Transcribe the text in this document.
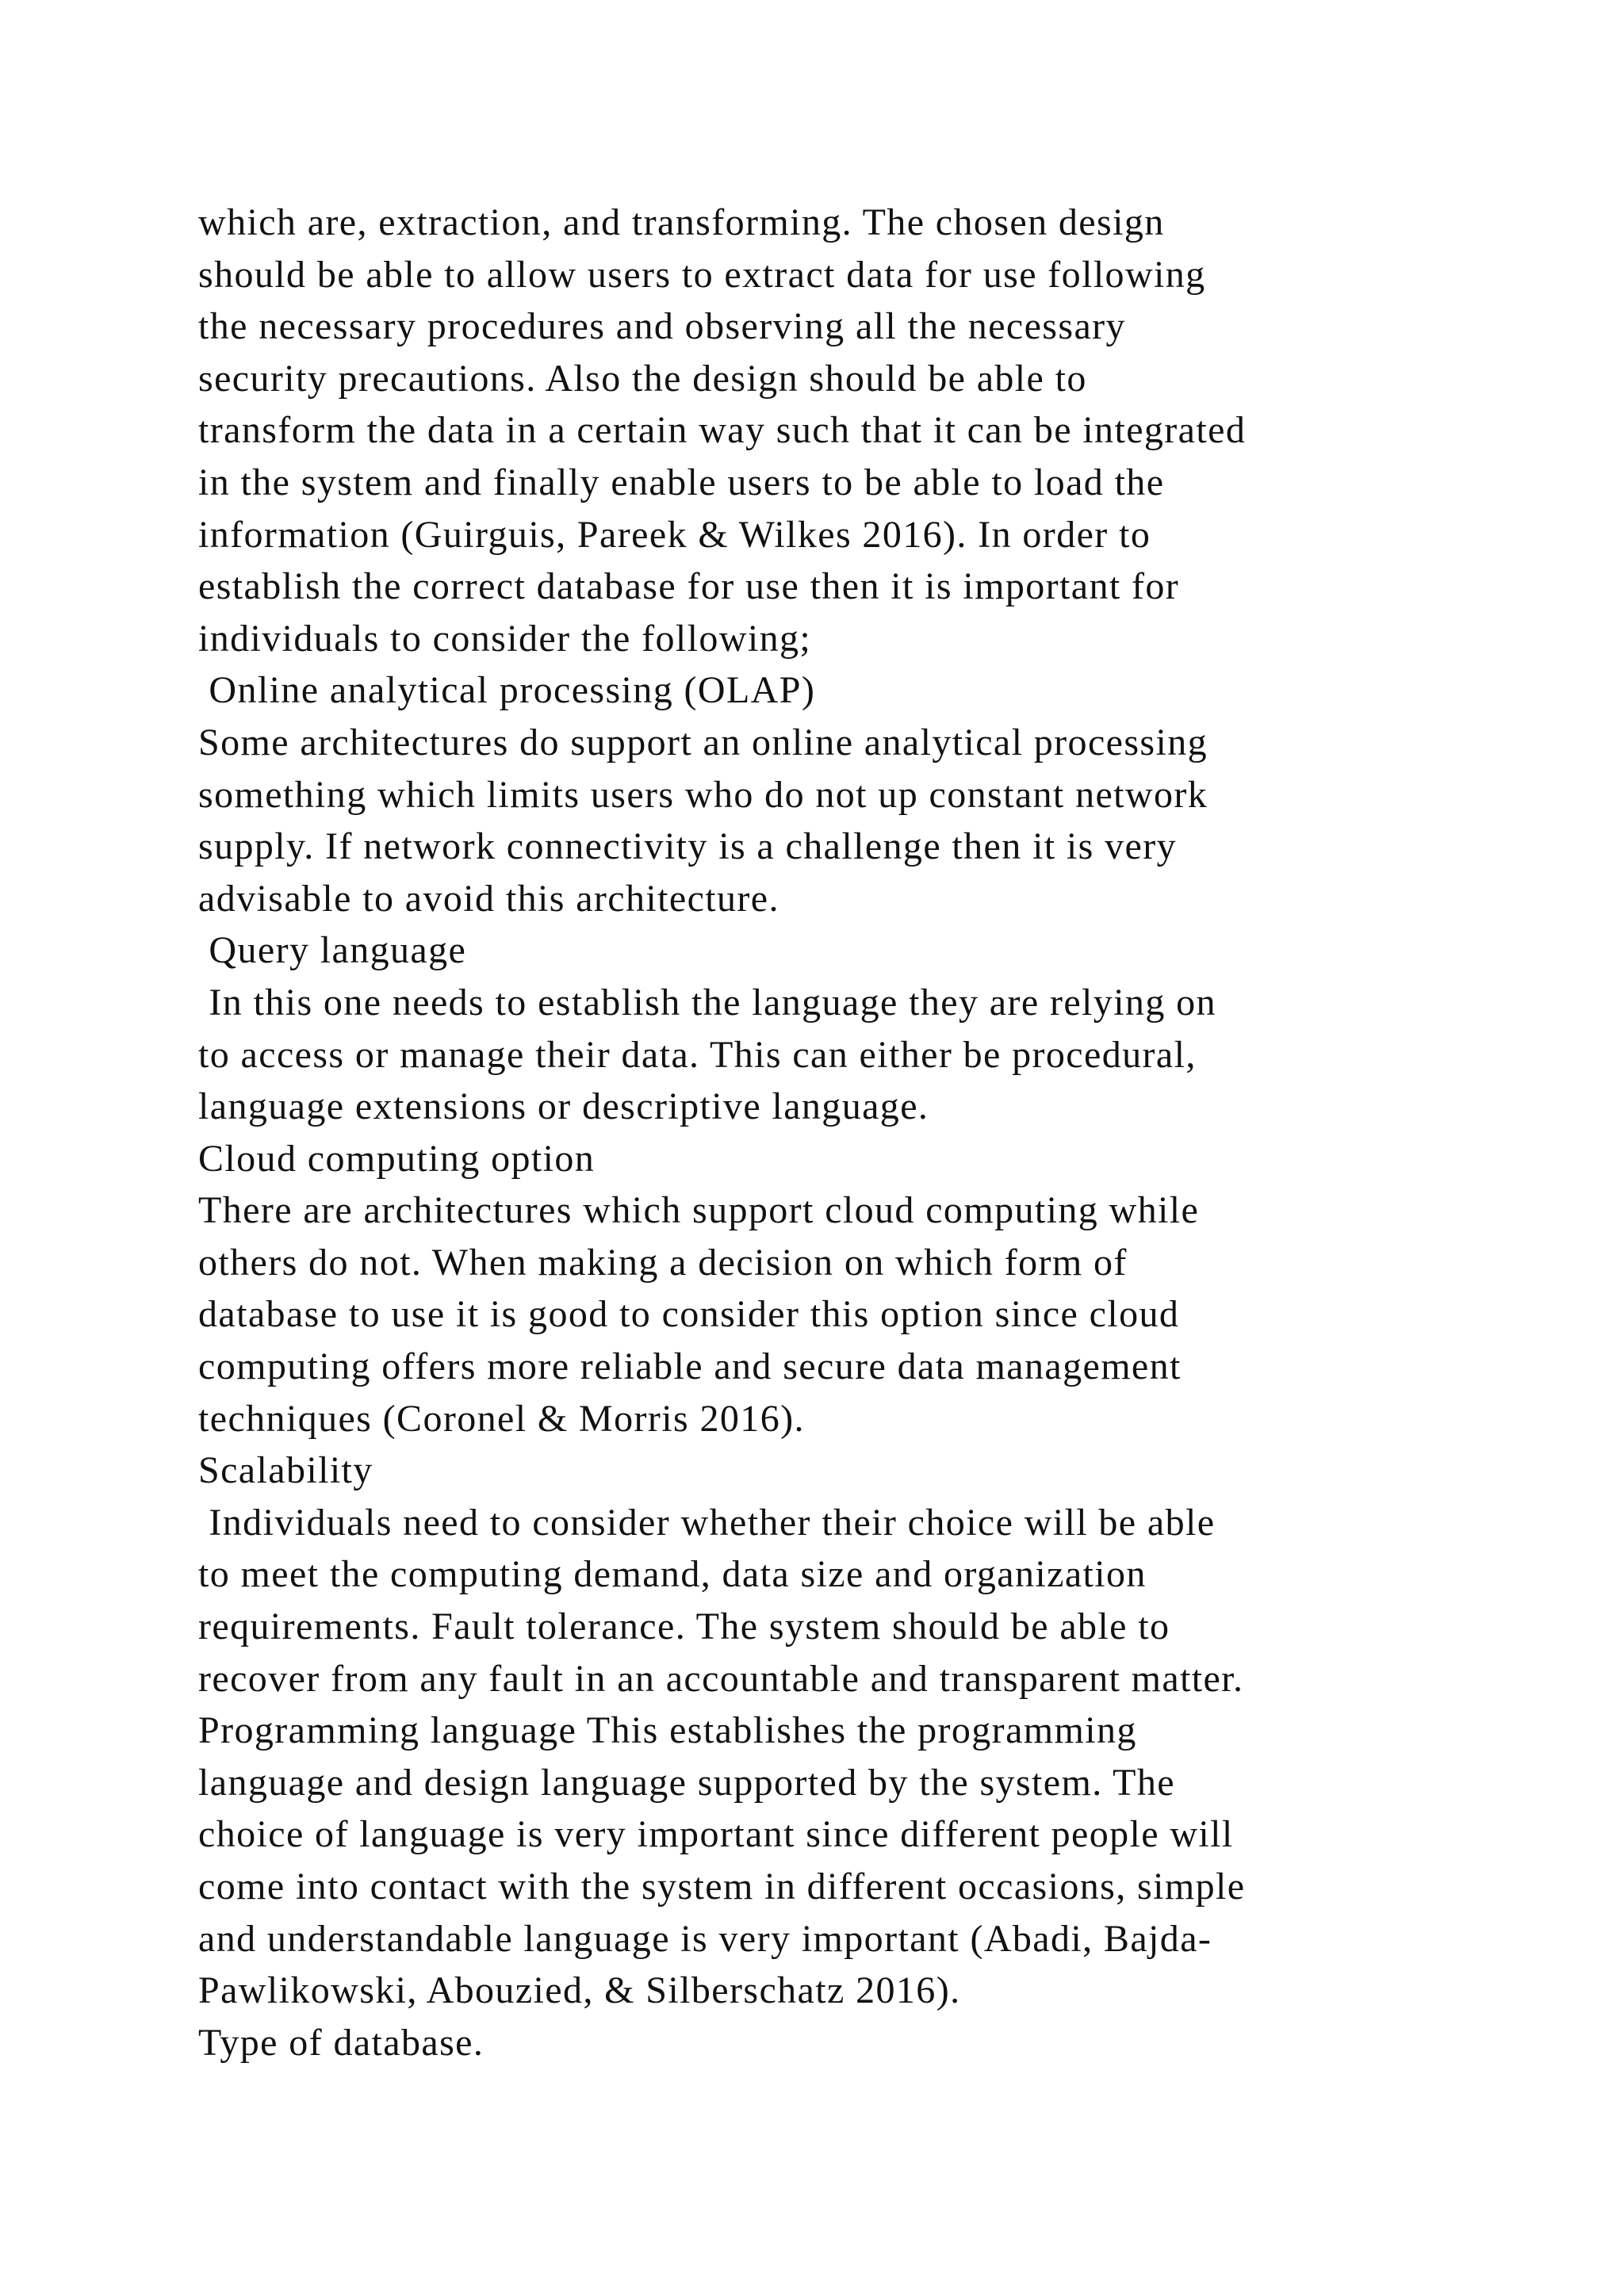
which are, extraction, and transforming. The chosen design
should be able to allow users to extract data for use following
the necessary procedures and observing all the necessary
security precautions. Also the design should be able to
transform the data in a certain way such that it can be integrated
in the system and finally enable users to be able to load the
information (Guirguis, Pareek & Wilkes 2016). In order to
establish the correct database for use then it is important for
individuals to consider the following;
Online analytical processing (OLAP)
Some architectures do support an online analytical processing
something which limits users who do not up constant network
supply. If network connectivity is a challenge then it is very
advisable to avoid this architecture.
Query language
In this one needs to establish the language they are relying on
to access or manage their data. This can either be procedural,
language extensions or descriptive language.
Cloud computing option
There are architectures which support cloud computing while
others do not. When making a decision on which form of
database to use it is good to consider this option since cloud
computing offers more reliable and secure data management
techniques (Coronel & Morris 2016).
Scalability
Individuals need to consider whether their choice will be able
to meet the computing demand, data size and organization
requirements. Fault tolerance. The system should be able to
recover from any fault in an accountable and transparent matter.
Programming language This establishes the programming
language and design language supported by the system. The
choice of language is very important since different people will
come into contact with the system in different occasions, simple
and understandable language is very important (Abadi, Bajda-
Pawlikowski, Abouzied, & Silberschatz 2016).
Type of database.
